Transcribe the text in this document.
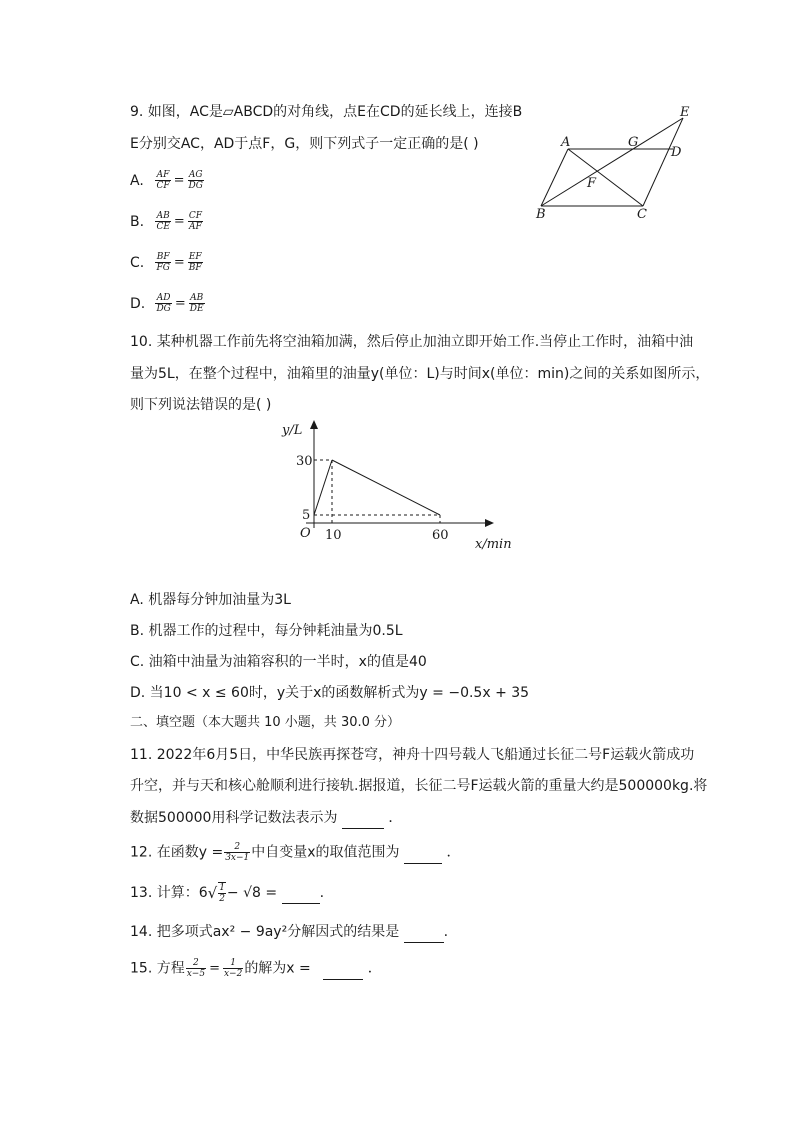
9. 如图，AC是▱ABCD的对角线，点E在CD的延长线上，连接B
E分别交AC，AD于点F，G，则下列式子一定正确的是( )
A. $\frac{AF}{CF} = \frac{AG}{DG}$
B. $\frac{AB}{CE} = \frac{CF}{AF}$
C. $\frac{BF}{FG} = \frac{EF}{BF}$
D. $\frac{AD}{DG} = \frac{AB}{DE}$
E
A	G
D
F
B	C
10. 某种机器工作前先将空油箱加满，然后停止加油立即开始工作.当停止工作时，油箱中油
量为5L，在整个过程中，油箱里的油量y(单位：L)与时间x(单位：min)之间的关系如图所示，
则下列说法错误的是( )
y/L
x/min
O
30
5
10	60
A. 机器每分钟加油量为3L
B. 机器工作的过程中，每分钟耗油量为0.5L
C. 油箱中油量为油箱容积的一半时，x的值是40
D. 当10 < x ≤ 60时，y关于x的函数解析式为y = −0.5x + 35
二、填空题（本大题共 10 小题，共 30.0 分）
11. 2022年6月5日，中华民族再探苍穹，神舟十四号载人飞船通过长征二号F运载火箭成功
升空，并与天和核心舱顺利进行接轨.据报道，长征二号F运载火箭的重量大约是500000kg.将
数据500000用科学记数法表示为	．
12. 在函数$y = \frac{2}{3x-1}$ 中自变量x的取值范围为	．
13. 计算：$6√ \frac{1}{2} - √8$ =	.
14. 把多项式ax² − 9ay²分解因式的结果是	.
15. 方程 $\frac{2}{x-5} = \frac{1}{x-2}$ 的解为x =	．
